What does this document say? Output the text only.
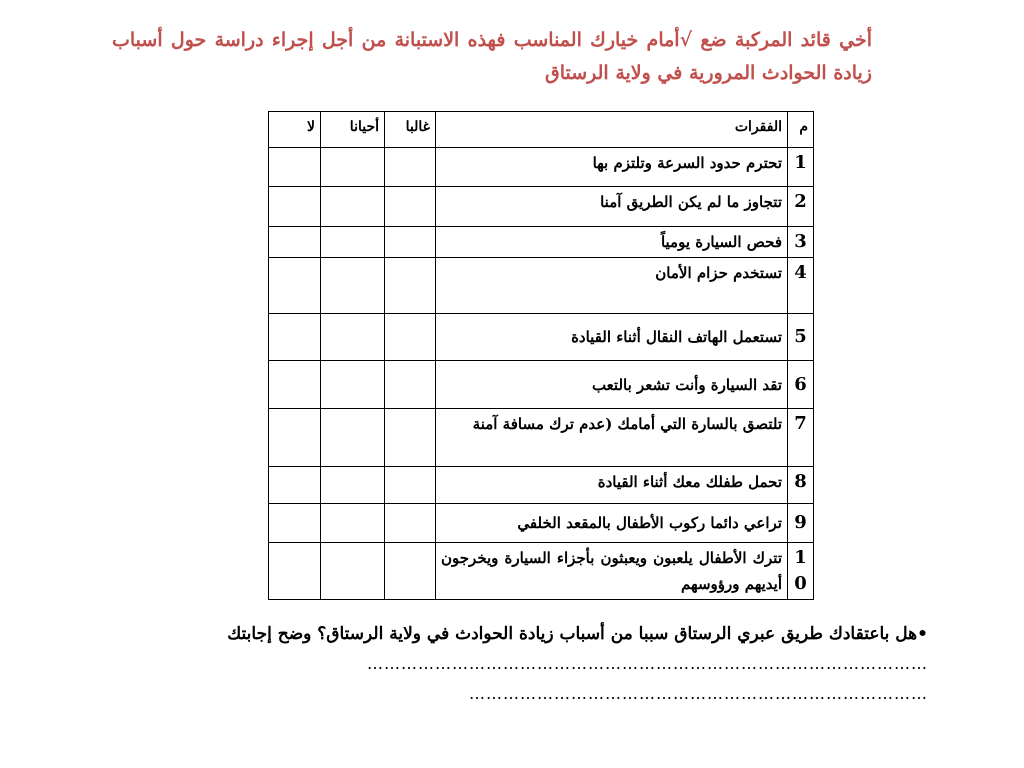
أخي قائد المركبة ضع √أمام خيارك المناسب فهذه الاستبانة من أجل إجراء دراسة حول أسباب زيادة الحوادث المرورية في ولاية الرستاق
م	الفقرات	غالبا	أحيانا	لا
1	تحترم حدود السرعة وتلتزم بها			
2	تتجاوز ما لم يكن الطريق آمنا			
3	فحص السيارة يومياً			
4	تستخدم حزام الأمان			
5	تستعمل الهاتف النقال أثناء القيادة			
6	تقد السيارة وأنت تشعر بالتعب			
7	تلتصق بالسارة التي أمامك (عدم ترك مسافة آمنة			
8	تحمل طفلك معك أثناء القيادة			
9	تراعي دائما ركوب الأطفال بالمقعد الخلفي			
10	تترك الأطفال يلعبون ويعبثون بأجزاء السيارة ويخرجون أيديهم ورؤوسهم			
•هل باعتقادك طريق عبري الرستاق سببا من أسباب زيادة الحوادث في ولاية الرستاق؟ وضح إجابتك
………………………………………………………………………………………
………………………………………………………………………
